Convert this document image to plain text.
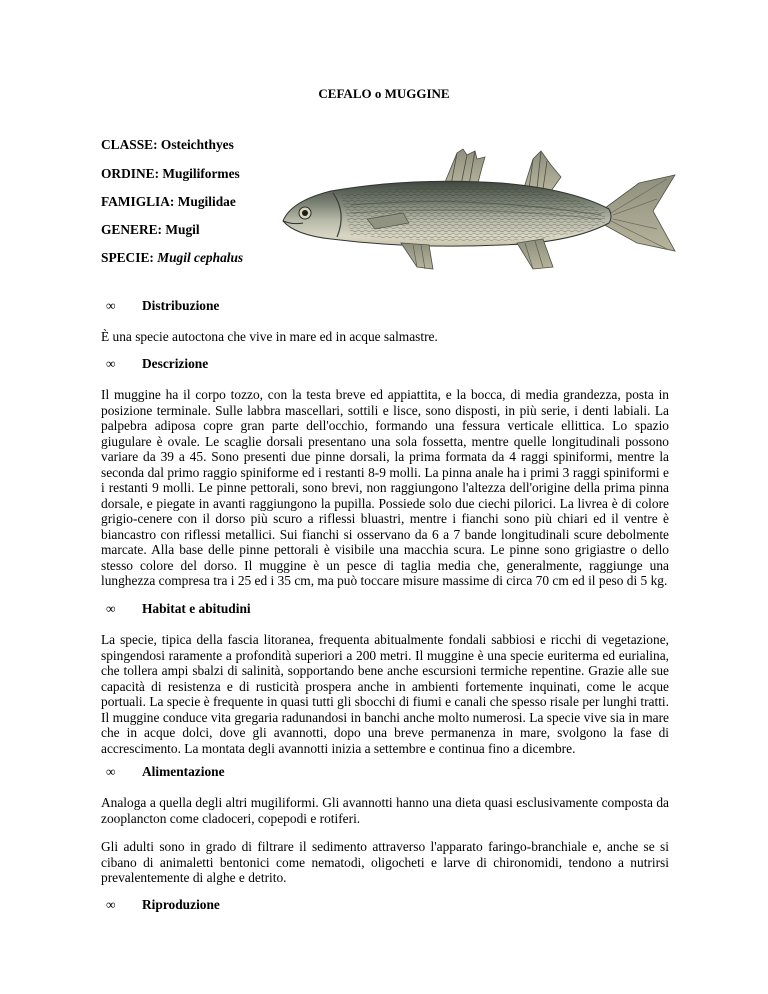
CEFALO o MUGGINE
CLASSE: Osteichthyes
ORDINE: Mugiliformes
FAMIGLIA: Mugilidae
GENERE: Mugil
SPECIE: Mugil cephalus
∞ Distribuzione
È una specie autoctona che vive in mare ed in acque salmastre.
∞ Descrizione
Il muggine ha il corpo tozzo, con la testa breve ed appiattita, e la bocca, di media grandezza, posta in posizione terminale. Sulle labbra mascellari, sottili e lisce, sono disposti, in più serie, i denti labiali. La palpebra adiposa copre gran parte dell'occhio, formando una fessura verticale ellittica. Lo spazio giugulare è ovale. Le scaglie dorsali presentano una sola fossetta, mentre quelle longitudinali possono variare da 39 a 45. Sono presenti due pinne dorsali, la prima formata da 4 raggi spiniformi, mentre la seconda dal primo raggio spiniforme ed i restanti 8-9 molli. La pinna anale ha i primi 3 raggi spiniformi e i restanti 9 molli. Le pinne pettorali, sono brevi, non raggiungono l'altezza dell'origine della prima pinna dorsale, e piegate in avanti raggiungono la pupilla. Possiede solo due ciechi pilorici. La livrea è di colore grigio-cenere con il dorso più scuro a riflessi bluastri, mentre i fianchi sono più chiari ed il ventre è biancastro con riflessi metallici. Sui fianchi si osservano da 6 a 7 bande longitudinali scure debolmente marcate. Alla base delle pinne pettorali è visibile una macchia scura. Le pinne sono grigiastre o dello stesso colore del dorso. Il muggine è un pesce di taglia media che, generalmente, raggiunge una lunghezza compresa tra i 25 ed i 35 cm, ma può toccare misure massime di circa 70 cm ed il peso di 5 kg.
∞ Habitat e abitudini
La specie, tipica della fascia litoranea, frequenta abitualmente fondali sabbiosi e ricchi di vegetazione, spingendosi raramente a profondità superiori a 200 metri. Il muggine è una specie euriterma ed eurialina, che tollera ampi sbalzi di salinità, sopportando bene anche escursioni termiche repentine. Grazie alle sue capacità di resistenza e di rusticità prospera anche in ambienti fortemente inquinati, come le acque portuali. La specie è frequente in quasi tutti gli sbocchi di fiumi e canali che spesso risale per lunghi tratti. Il muggine conduce vita gregaria radunandosi in banchi anche molto numerosi. La specie vive sia in mare che in acque dolci, dove gli avannotti, dopo una breve permanenza in mare, svolgono la fase di accrescimento. La montata degli avannotti inizia a settembre e continua fino a dicembre.
∞ Alimentazione
Analoga a quella degli altri mugiliformi. Gli avannotti hanno una dieta quasi esclusivamente composta da zooplancton come cladoceri, copepodi e rotiferi.
Gli adulti sono in grado di filtrare il sedimento attraverso l'apparato faringo-branchiale e, anche se si cibano di animaletti bentonici come nematodi, oligocheti e larve di chironomidi, tendono a nutrirsi prevalentemente di alghe e detrito.
∞ Riproduzione
